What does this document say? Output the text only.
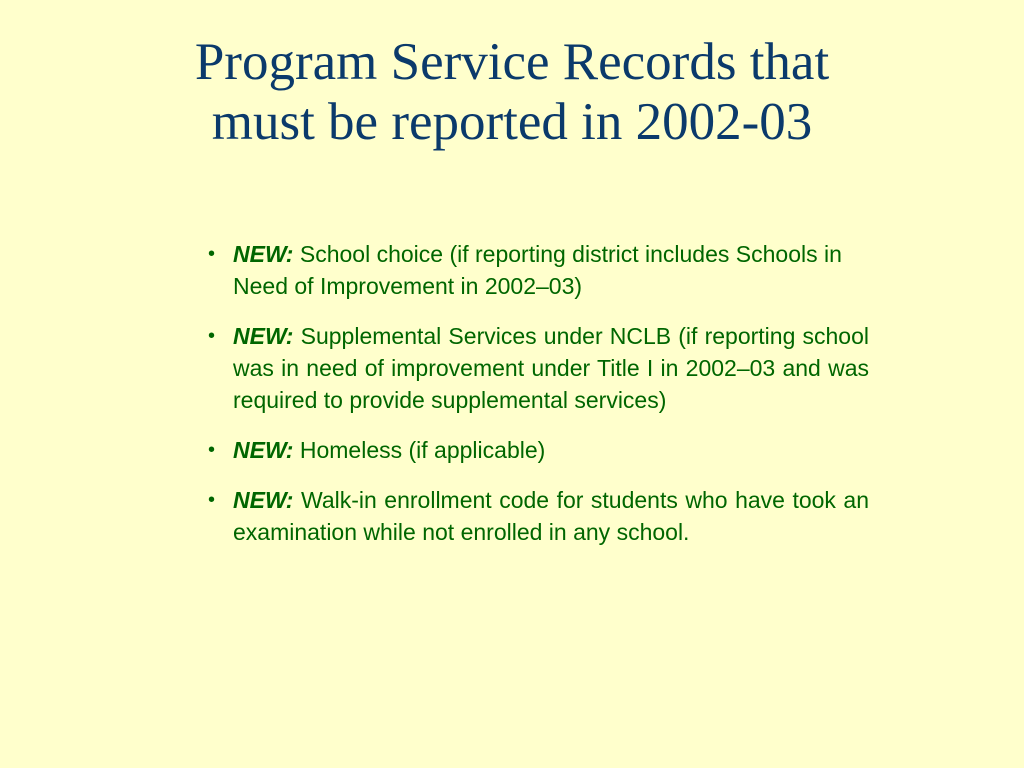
Program Service Records that
must be reported in 2002-03
• NEW: School choice (if reporting district includes Schools in Need of Improvement in 2002–03)
• NEW: Supplemental Services under NCLB (if reporting school was in need of improvement under Title I in 2002–03 and was required to provide supplemental services)
• NEW: Homeless (if applicable)
• NEW: Walk-in enrollment code for students who have took an examination while not enrolled in any school.
